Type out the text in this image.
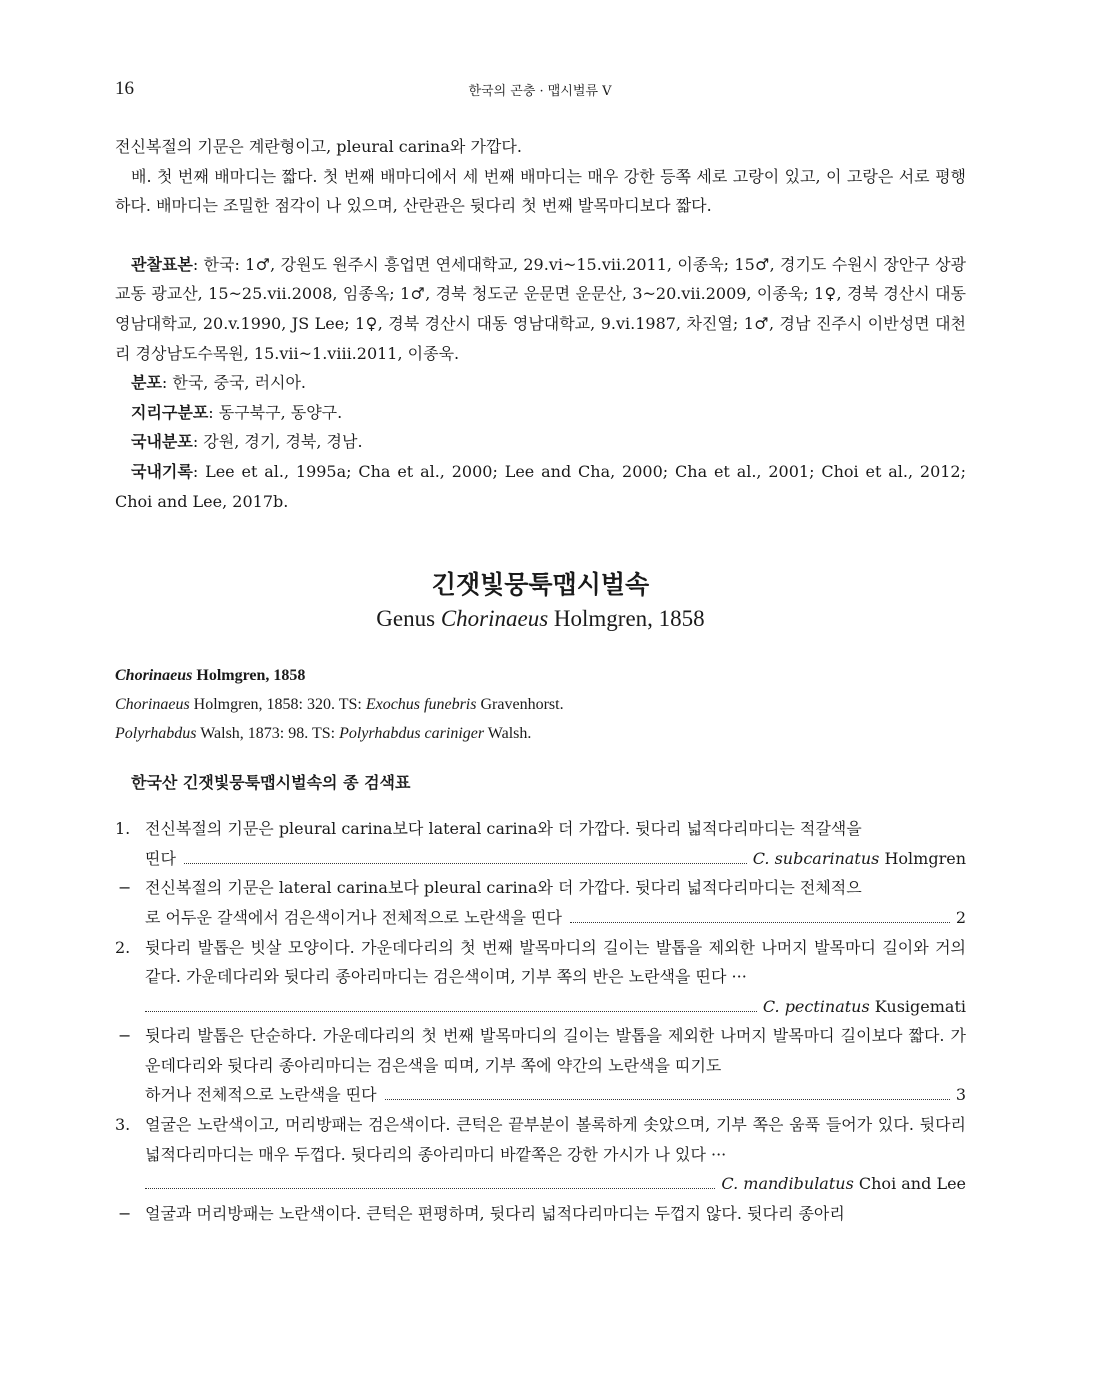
16	한국의 곤충 · 맵시벌류 V

전신복절의 기문은 계란형이고, pleural carina와 가깝다.

배. 첫 번째 배마디는 짧다. 첫 번째 배마디에서 세 번째 배마디는 매우 강한 등쪽 세로 고랑이 있고, 이 고랑은 서로 평행하다. 배마디는 조밀한 점각이 나 있으며, 산란관은 뒷다리 첫 번째 발목마디보다 짧다.

관찰표본: 한국: 1♂, 강원도 원주시 흥업면 연세대학교, 29.vi~15.vii.2011, 이종욱; 15♂, 경기도 수원시 장안구 상광교동 광교산, 15~25.vii.2008, 임종옥; 1♂, 경북 청도군 운문면 운문산, 3~20.vii.2009, 이종욱; 1♀, 경북 경산시 대동 영남대학교, 20.v.1990, JS Lee; 1♀, 경북 경산시 대동 영남대학교, 9.vi.1987, 차진열; 1♂, 경남 진주시 이반성면 대천리 경상남도수목원, 15.vii~1.viii.2011, 이종욱.

분포: 한국, 중국, 러시아.

지리구분포: 동구북구, 동양구.

국내분포: 강원, 경기, 경북, 경남.

국내기록: Lee et al., 1995a; Cha et al., 2000; Lee and Cha, 2000; Cha et al., 2001; Choi et al., 2012; Choi and Lee, 2017b.

긴잿빛뭉툭맵시벌속
Genus Chorinaeus Holmgren, 1858
Chorinaeus Holmgren, 1858
Chorinaeus Holmgren, 1858: 320. TS: Exochus funebris Gravenhorst.
Polyrhabdus Walsh, 1873: 98. TS: Polyrhabdus cariniger Walsh.
한국산 긴잿빛뭉툭맵시벌속의 종 검색표
1. 전신복절의 기문은 pleural carina보다 lateral carina와 더 가깝다. 뒷다리 넓적다리마디는 적갈색을

띤다	C. subcarinatus Holmgren
− 전신복절의 기문은 lateral carina보다 pleural carina와 더 가깝다. 뒷다리 넓적다리마디는 전체적으

로 어두운 갈색에서 검은색이거나 전체적으로 노란색을 띤다	2
2. 뒷다리 발톱은 빗살 모양이다. 가운데다리의 첫 번째 발목마디의 길이는 발톱을 제외한 나머지 발목마디 길이와 거의 같다. 가운데다리와 뒷다리 종아리마디는 검은색이며, 기부 쪽의 반은 노란색을 띤다 ···

C. pectinatus Kusigemati
− 뒷다리 발톱은 단순하다. 가운데다리의 첫 번째 발목마디의 길이는 발톱을 제외한 나머지 발목마디 길이보다 짧다. 가운데다리와 뒷다리 종아리마디는 검은색을 띠며, 기부 쪽에 약간의 노란색을 띠기도

하거나 전체적으로 노란색을 띤다	3
3. 얼굴은 노란색이고, 머리방패는 검은색이다. 큰턱은 끝부분이 볼록하게 솟았으며, 기부 쪽은 움푹 들어가 있다. 뒷다리 넓적다리마디는 매우 두껍다. 뒷다리의 종아리마디 바깥쪽은 강한 가시가 나 있다 ···

C. mandibulatus Choi and Lee
− 얼굴과 머리방패는 노란색이다. 큰턱은 편평하며, 뒷다리 넓적다리마디는 두껍지 않다. 뒷다리 종아리
